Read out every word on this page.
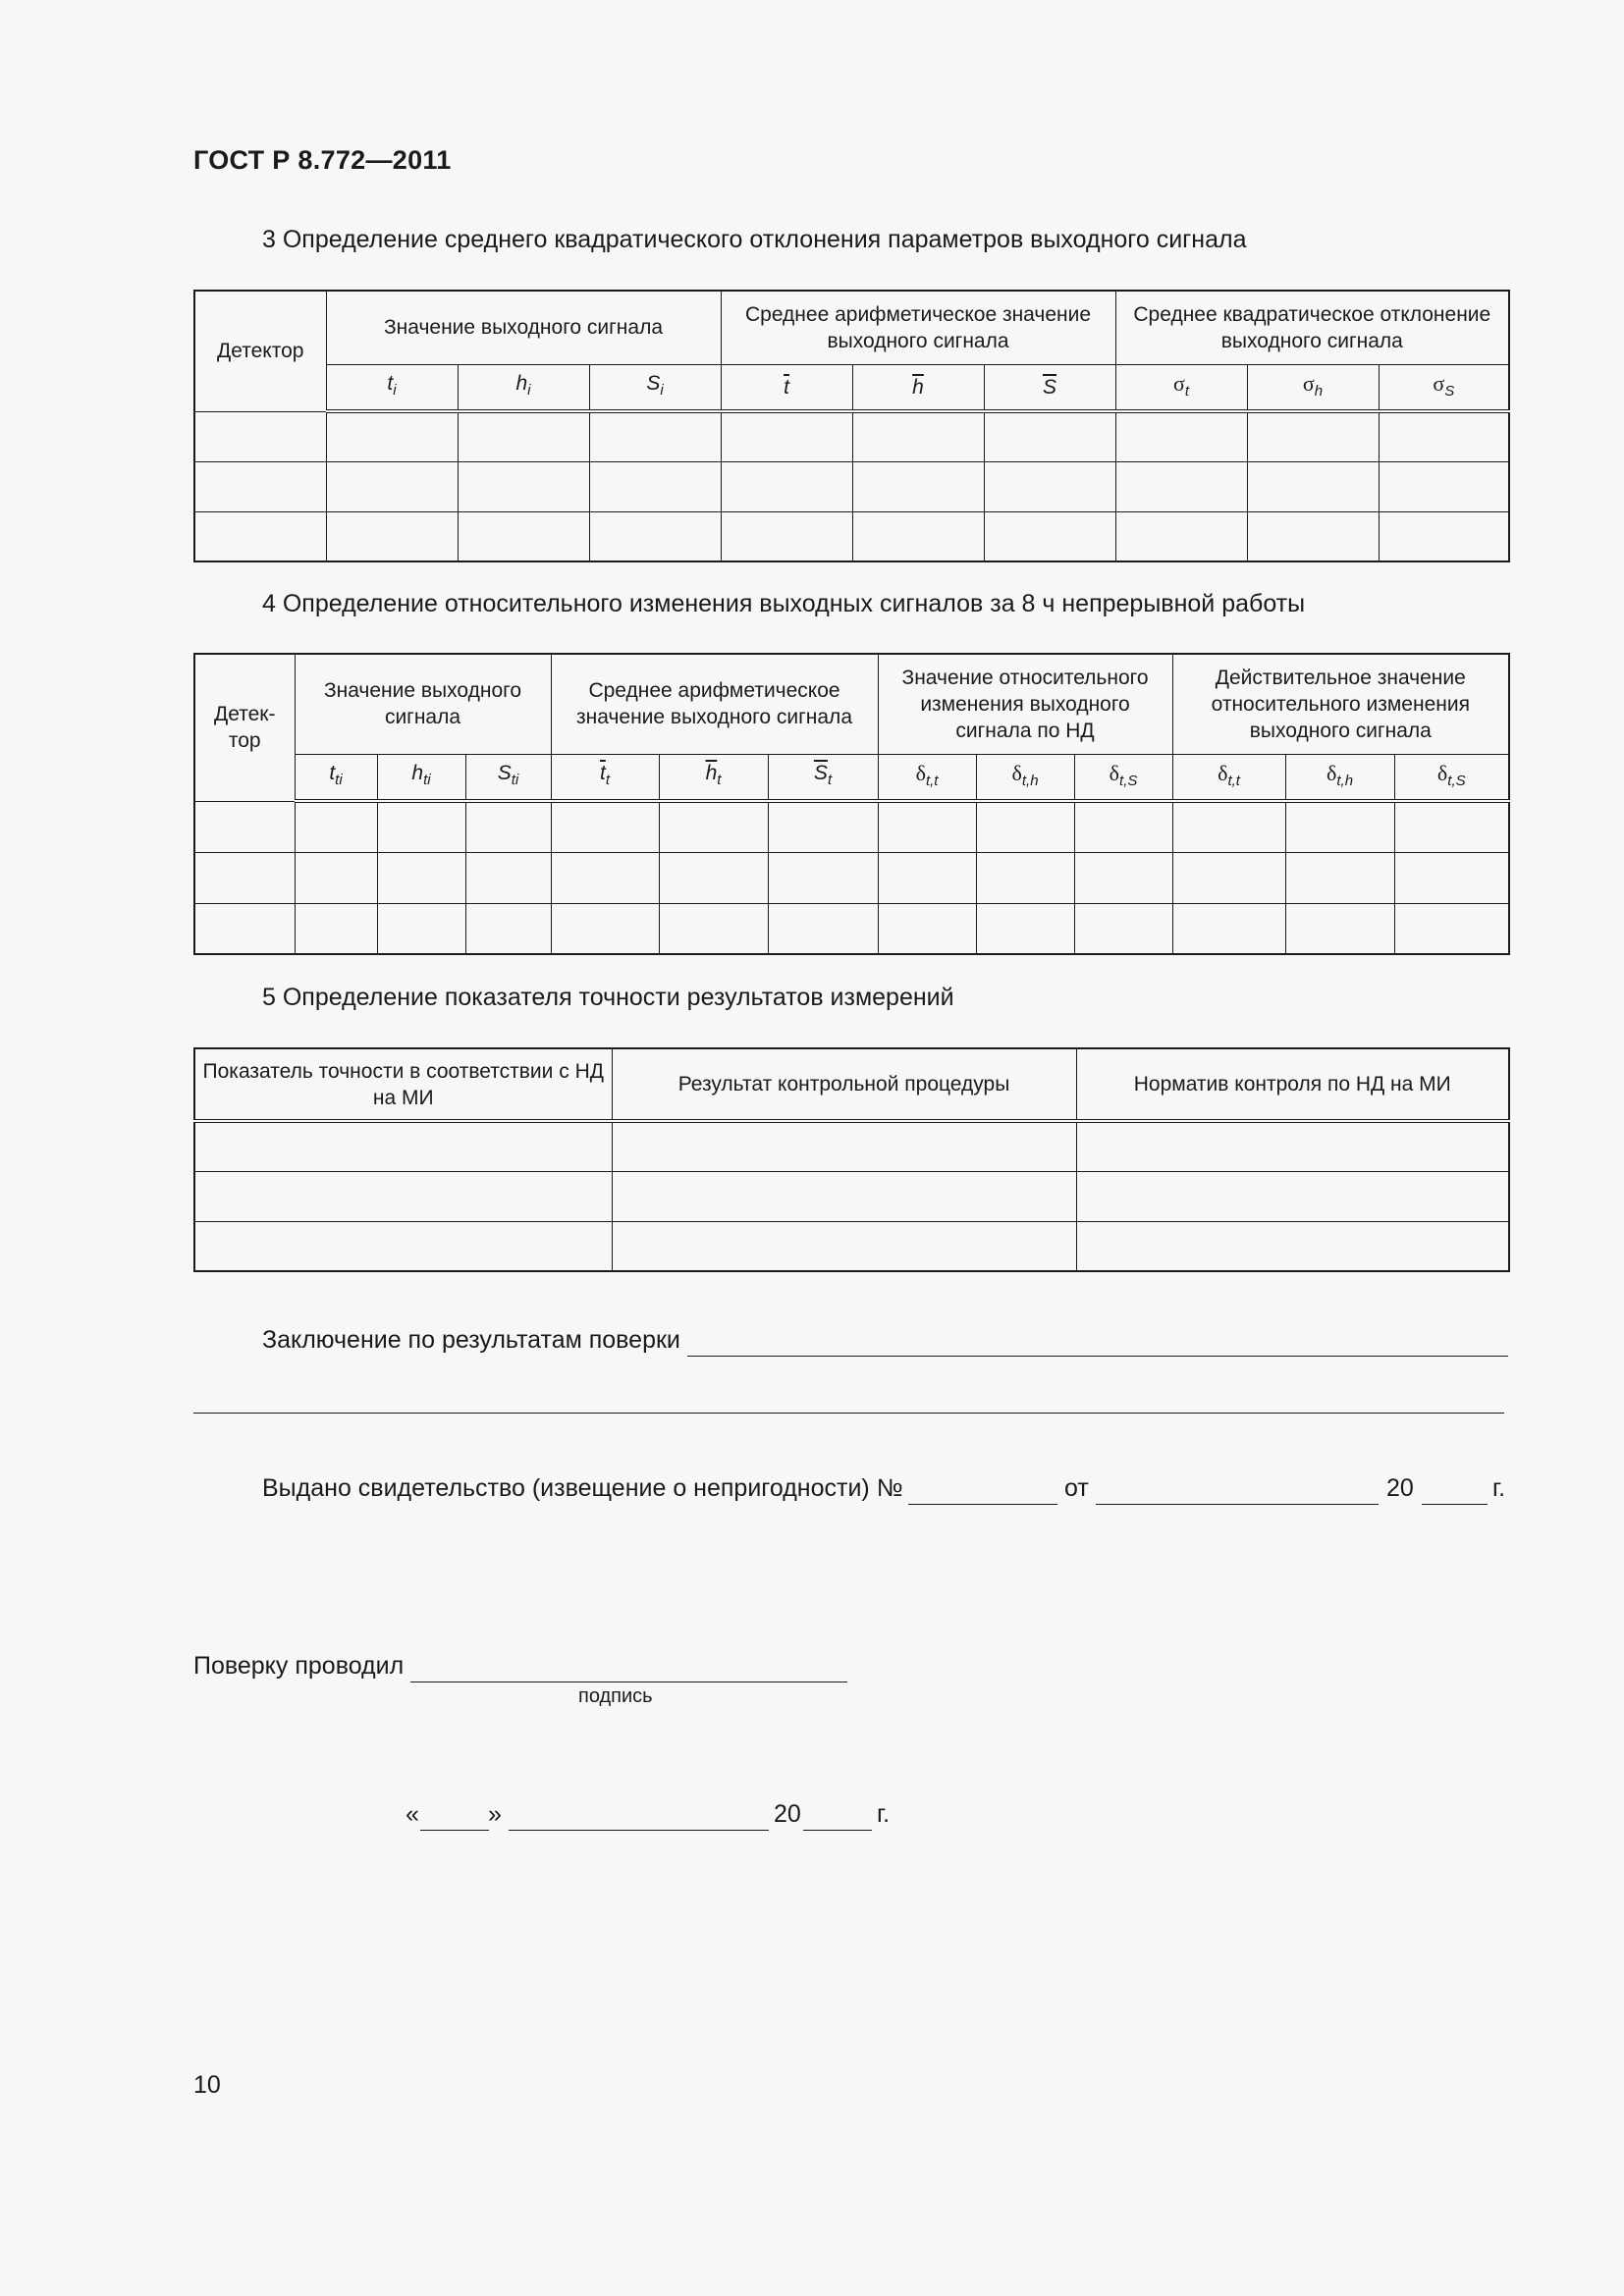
ГОСТ Р 8.772—2011
3 Определение среднего квадратического отклонения параметров выходного сигнала
Детектор	Значение выходного сигнала			Среднее арифметическое значение выходного сигнала			Среднее квадратическое отклонение выходного сигнала		
	$t_i$	$h_i$	$S_i$	$\overline{t}$	$\overline{h}$	$\overline{S}$	$\sigma_t$	$\sigma_h$	$\sigma_S$

4 Определение относительного изменения выходных сигналов за 8 ч непрерывной работы
Детек-тор	Значение выходного сигнала			Среднее арифметическое значение выходного сигнала			Значение относительного изменения выходного сигнала по НД			Действительное значение относительного изменения выходного сигнала		
	$t_{ti}$	$h_{ti}$	$S_{ti}$	$\overline{t}_t$	$\overline{h}_t$	$\overline{S}_t$	$\delta_{t,t}$	$\delta_{t,h}$	$\delta_{t,S}$	$\delta_{t,t}$	$\delta_{t,h}$	$\delta_{t,S}$

5 Определение показателя точности результатов измерений
Показатель точности в соответствии с НД на МИ	Результат контрольной процедуры	Норматив контроля по НД на МИ

Заключение по результатам поверки
Выдано свидетельство (извещение о непригодности) №	от	20	г.
Поверку проводил
подпись
«	»	20	г.
10
